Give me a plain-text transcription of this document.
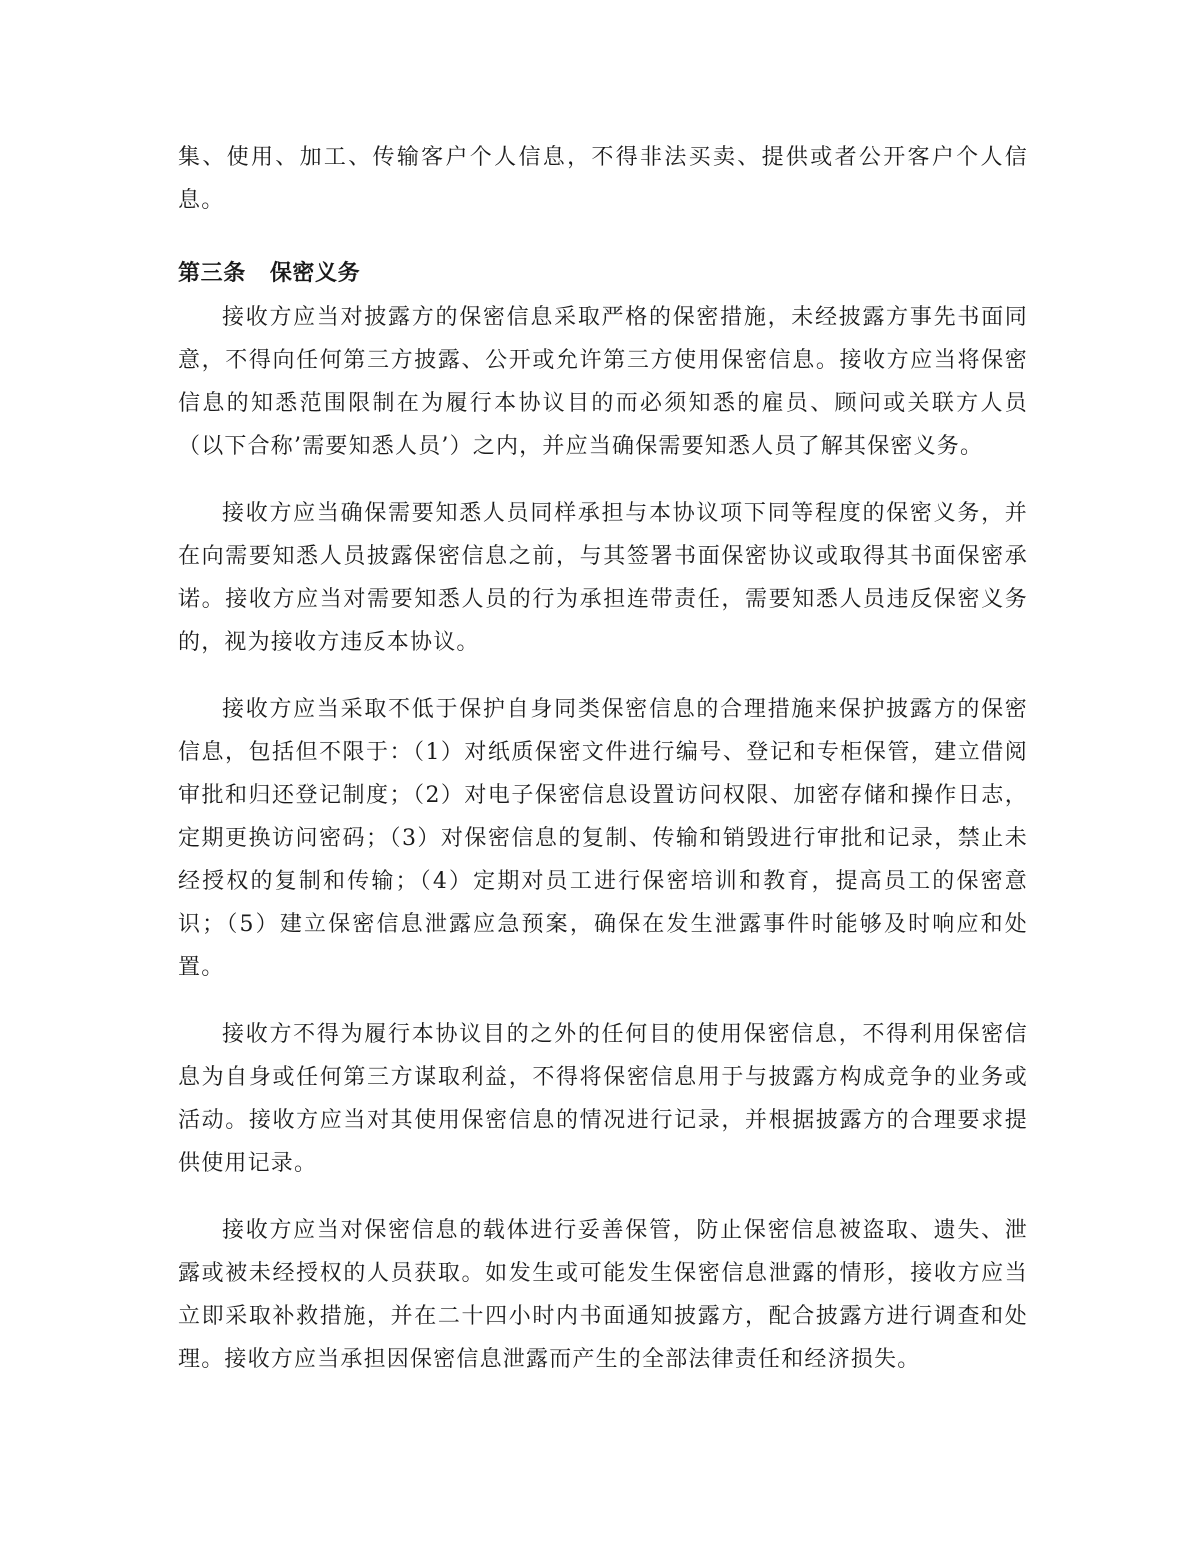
集、使用、加工、传输客户个人信息，不得非法买卖、提供或者公开客户个人信息。

第三条 保密义务

接收方应当对披露方的保密信息采取严格的保密措施，未经披露方事先书面同意，不得向任何第三方披露、公开或允许第三方使用保密信息。接收方应当将保密信息的知悉范围限制在为履行本协议目的而必须知悉的雇员、顾问或关联方人员（以下合称’需要知悉人员’）之内，并应当确保需要知悉人员了解其保密义务。

接收方应当确保需要知悉人员同样承担与本协议项下同等程度的保密义务，并在向需要知悉人员披露保密信息之前，与其签署书面保密协议或取得其书面保密承诺。接收方应当对需要知悉人员的行为承担连带责任，需要知悉人员违反保密义务的，视为接收方违反本协议。

接收方应当采取不低于保护自身同类保密信息的合理措施来保护披露方的保密信息，包括但不限于：（1）对纸质保密文件进行编号、登记和专柜保管，建立借阅审批和归还登记制度；（2）对电子保密信息设置访问权限、加密存储和操作日志，定期更换访问密码；（3）对保密信息的复制、传输和销毁进行审批和记录，禁止未经授权的复制和传输；（4）定期对员工进行保密培训和教育，提高员工的保密意识；（5）建立保密信息泄露应急预案，确保在发生泄露事件时能够及时响应和处置。

接收方不得为履行本协议目的之外的任何目的使用保密信息，不得利用保密信息为自身或任何第三方谋取利益，不得将保密信息用于与披露方构成竞争的业务或活动。接收方应当对其使用保密信息的情况进行记录，并根据披露方的合理要求提供使用记录。

接收方应当对保密信息的载体进行妥善保管，防止保密信息被盗取、遗失、泄露或被未经授权的人员获取。如发生或可能发生保密信息泄露的情形，接收方应当立即采取补救措施，并在二十四小时内书面通知披露方，配合披露方进行调查和处理。接收方应当承担因保密信息泄露而产生的全部法律责任和经济损失。
